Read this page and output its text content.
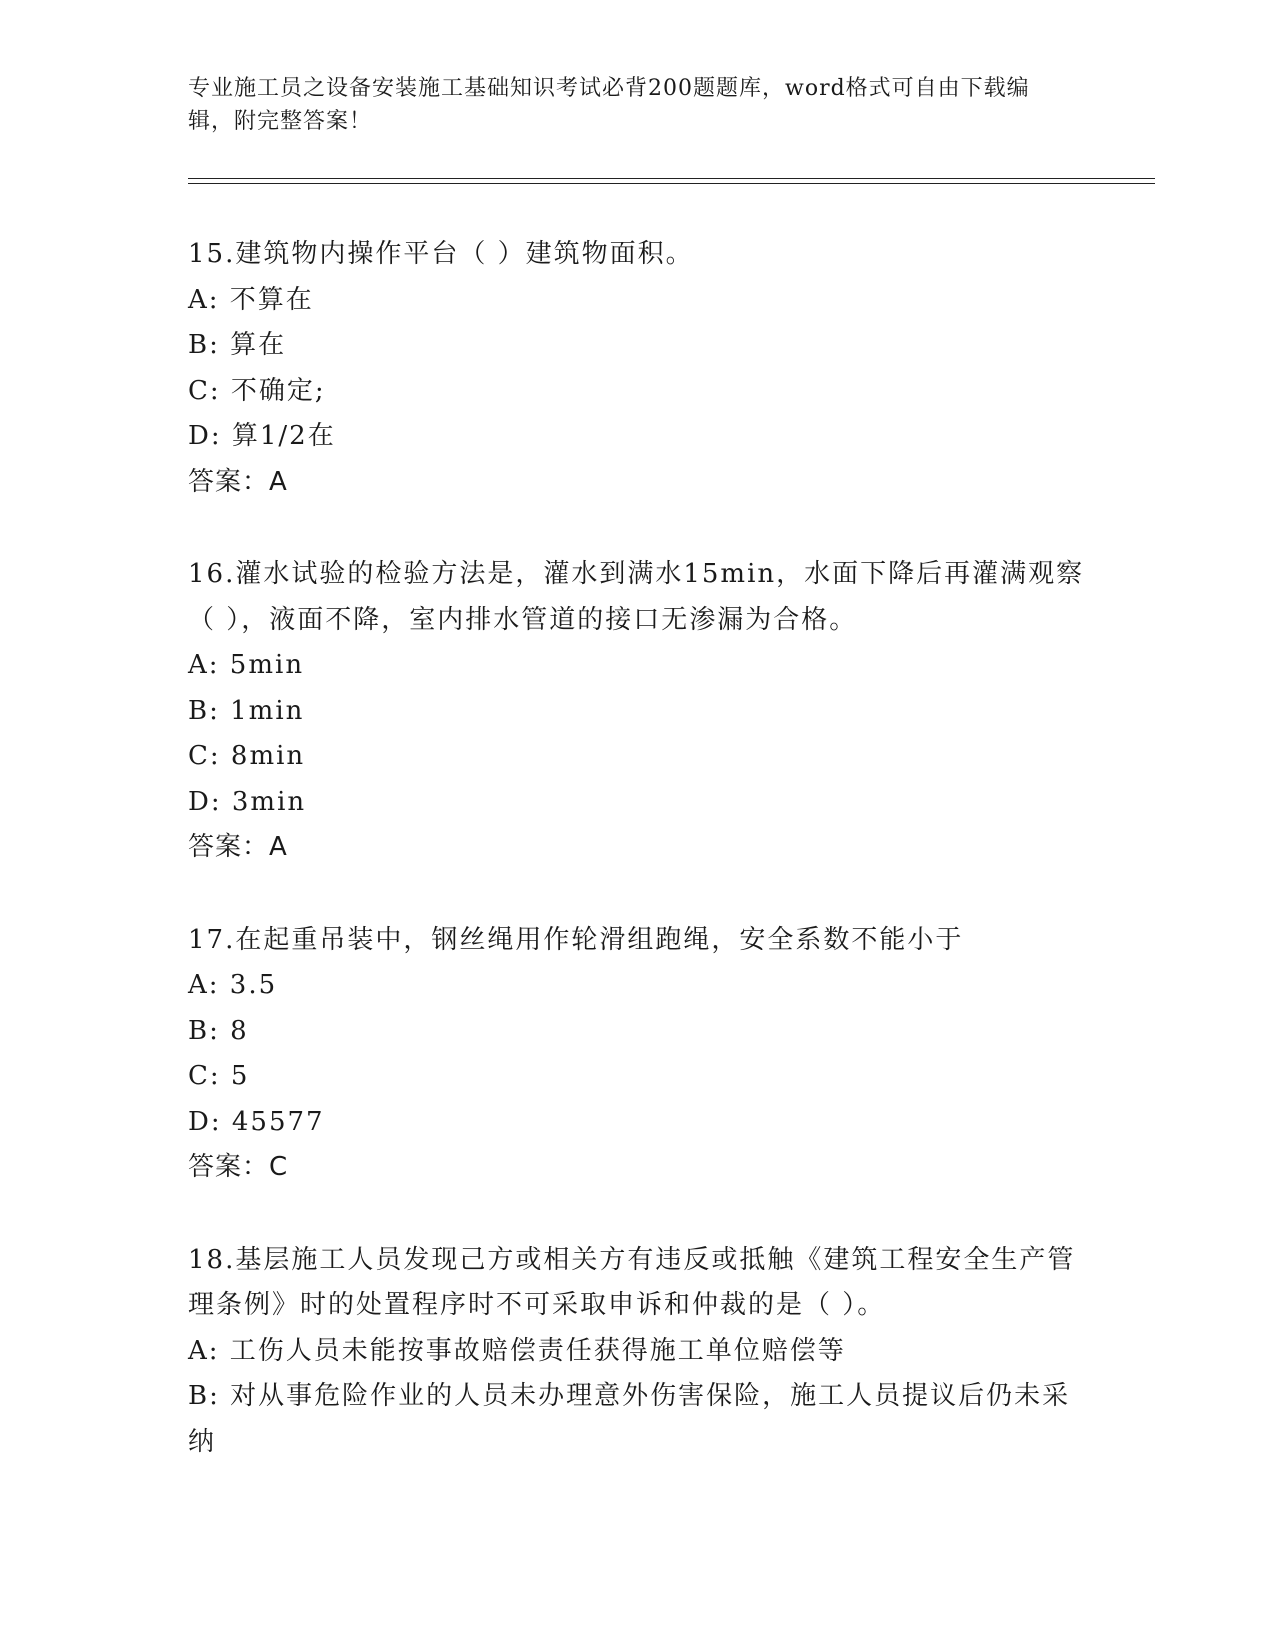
专业施工员之设备安装施工基础知识考试必背200题题库，word格式可自由下载编辑，附完整答案！
15.建筑物内操作平台（ ）建筑物面积。
A: 不算在
B: 算在
C: 不确定;
D: 算1/2在
答案：A
16.灌水试验的检验方法是，灌水到满水15min，水面下降后再灌满观察（ ），液面不降，室内排水管道的接口无渗漏为合格。
A: 5min
B: 1min
C: 8min
D: 3min
答案：A
17.在起重吊装中，钢丝绳用作轮滑组跑绳，安全系数不能小于
A: 3.5
B: 8
C: 5
D: 45577
答案：C
18.基层施工人员发现己方或相关方有违反或抵触《建筑工程安全生产管理条例》时的处置程序时不可采取申诉和仲裁的是（ ）。
A: 工伤人员未能按事故赔偿责任获得施工单位赔偿等
B: 对从事危险作业的人员未办理意外伤害保险，施工人员提议后仍未采纳
